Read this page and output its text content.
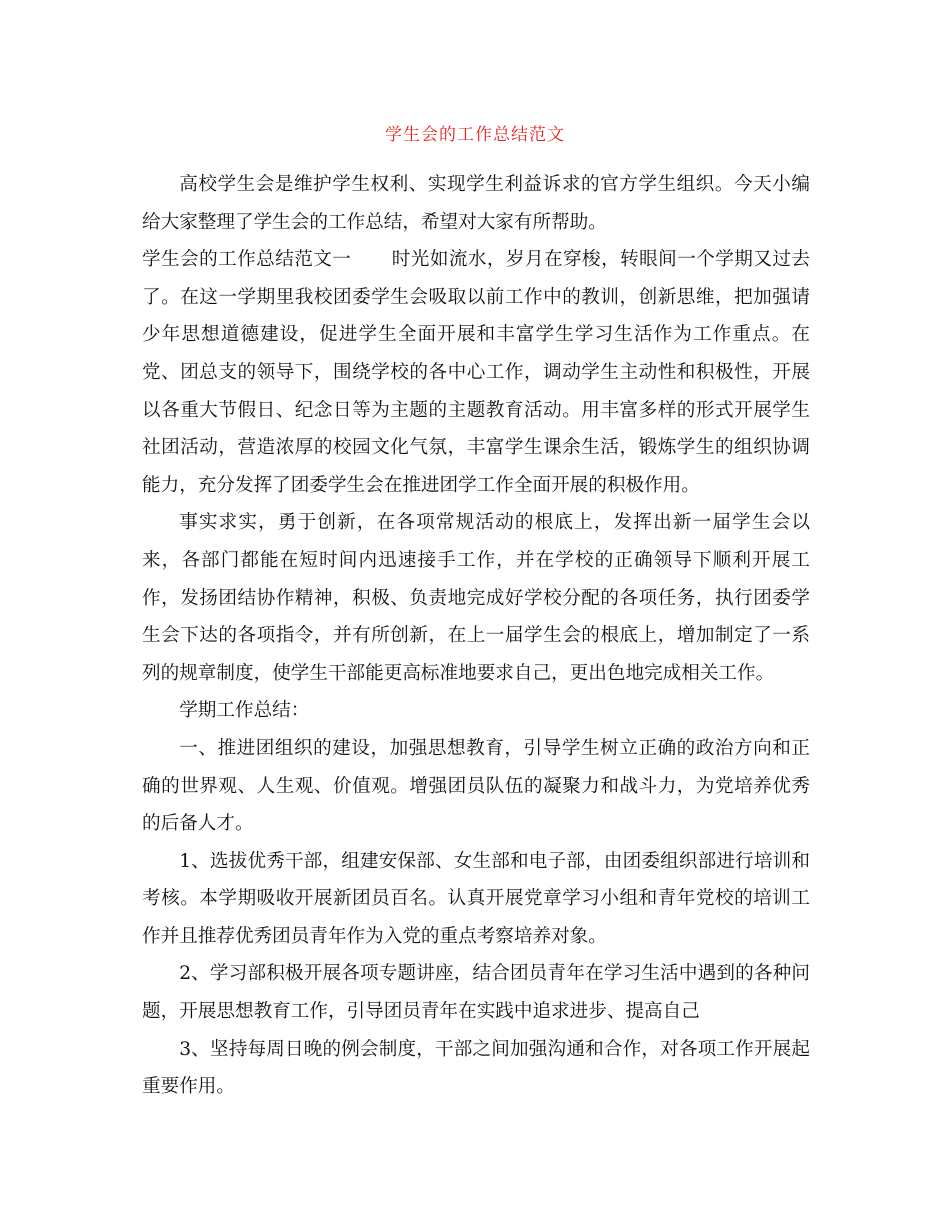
学生会的工作总结范文

高校学生会是维护学生权利、实现学生利益诉求的官方学生组织。今天小编给大家整理了学生会的工作总结，希望对大家有所帮助。

学生会的工作总结范文一 时光如流水，岁月在穿梭，转眼间一个学期又过去了。在这一学期里我校团委学生会吸取以前工作中的教训，创新思维，把加强请少年思想道德建设，促进学生全面开展和丰富学生学习生活作为工作重点。在党、团总支的领导下，围绕学校的各中心工作，调动学生主动性和积极性，开展以各重大节假日、纪念日等为主题的主题教育活动。用丰富多样的形式开展学生社团活动，营造浓厚的校园文化气氛，丰富学生课余生活，锻炼学生的组织协调能力，充分发挥了团委学生会在推进团学工作全面开展的积极作用。

事实求实，勇于创新，在各项常规活动的根底上，发挥出新一届学生会以来，各部门都能在短时间内迅速接手工作，并在学校的正确领导下顺利开展工作，发扬团结协作精神，积极、负责地完成好学校分配的各项任务，执行团委学生会下达的各项指令，并有所创新，在上一届学生会的根底上，增加制定了一系列的规章制度，使学生干部能更高标准地要求自己，更出色地完成相关工作。

学期工作总结：

一、推进团组织的建设，加强思想教育，引导学生树立正确的政治方向和正确的世界观、人生观、价值观。增强团员队伍的凝聚力和战斗力，为党培养优秀的后备人才。

1、选拔优秀干部，组建安保部、女生部和电子部，由团委组织部进行培训和考核。本学期吸收开展新团员百名。认真开展党章学习小组和青年党校的培训工作并且推荐优秀团员青年作为入党的重点考察培养对象。

2、学习部积极开展各项专题讲座，结合团员青年在学习生活中遇到的各种问题，开展思想教育工作，引导团员青年在实践中追求进步、提高自己

3、坚持每周日晚的例会制度，干部之间加强沟通和合作，对各项工作开展起重要作用。
